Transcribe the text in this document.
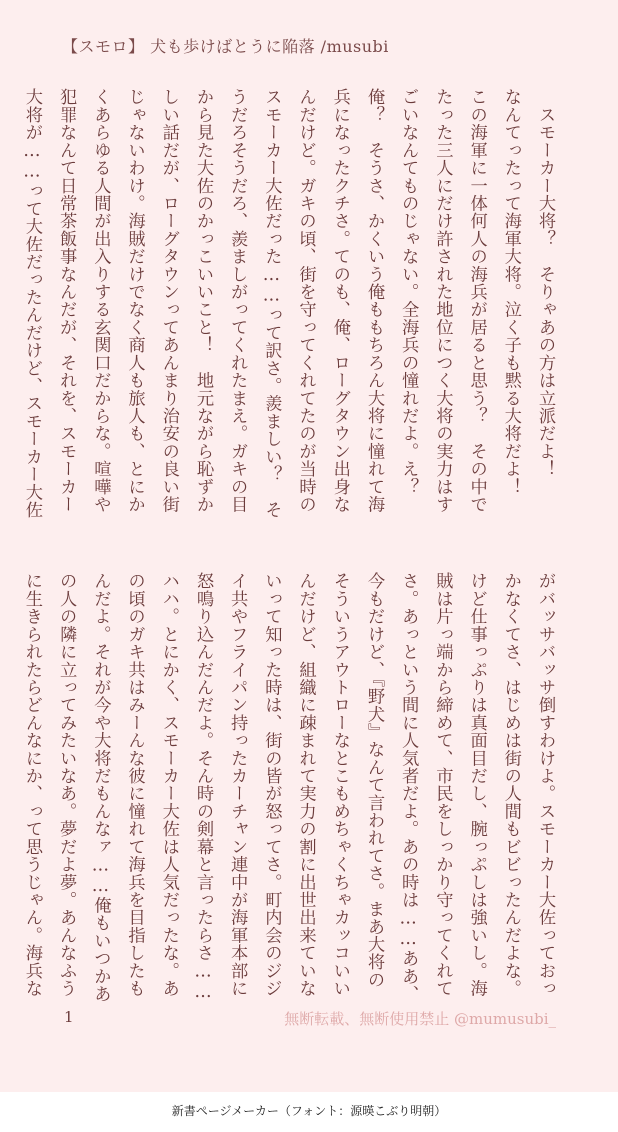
【スモロ】 犬も歩けばとうに陥落 /musubi
　スモーカー大将？　そりゃあの方は立派だよ！
なんてったって海軍大将。泣く子も黙る大将だよ！
この海軍に一体何人の海兵が居ると思う？　その中で
たった三人にだけ許された地位につく大将の実力はす
ごいなんてものじゃない。全海兵の憧れだよ。え？
俺？　そうさ、かくいう俺ももちろん大将に憧れて海
兵になったクチさ。てのも、俺、ローグタウン出身な
んだけど。ガキの頃、街を守ってくれてたのが当時の
スモーカー大佐だった……って訳さ。羨ましい？　そ
うだろそうだろ、羨ましがってくれたまえ。ガキの目
から見た大佐のかっこいいこと！　地元ながら恥ずか
しい話だが、ローグタウンってあんまり治安の良い街
じゃないわけ。海賊だけでなく商人も旅人も、とにか
くあらゆる人間が出入りする玄関口だからな。喧嘩や
犯罪なんて日常茶飯事なんだが、それを、スモーカー
大将が……って大佐だったんだけど、スモーカー大佐
がバッサバッサ倒すわけよ。スモーカー大佐っておっ
かなくてさ、はじめは街の人間もビビったんだよな。
けど仕事っぷりは真面目だし、腕っぷしは強いし。海
賊は片っ端から締めて、市民をしっかり守ってくれて
さ。あっという間に人気者だよ。あの時は……ああ、
今もだけど、『野犬』なんて言われてさ。まあ大将の
そういうアウトローなとこもめちゃくちゃカッコいい
んだけど、組織に疎まれて実力の割に出世出来ていな
いって知った時は、街の皆が怒ってさ。町内会のジジ
イ共やフライパン持ったカーチャン連中が海軍本部に
怒鳴り込んだんだよ。そん時の剣幕と言ったらさ……
ハハ。とにかく、スモーカー大佐は人気だったな。あ
の頃のガキ共はみーんな彼に憧れて海兵を目指したも
んだよ。それが今や大将だもんなァ……俺もいつかあ
の人の隣に立ってみたいなあ。夢だよ夢。あんなふう
に生きられたらどんなにか、って思うじゃん。海兵な
1	無断転載、無断使用禁止 @mumusubi_
新書ページメーカー（フォント：源暎こぶり明朝）
